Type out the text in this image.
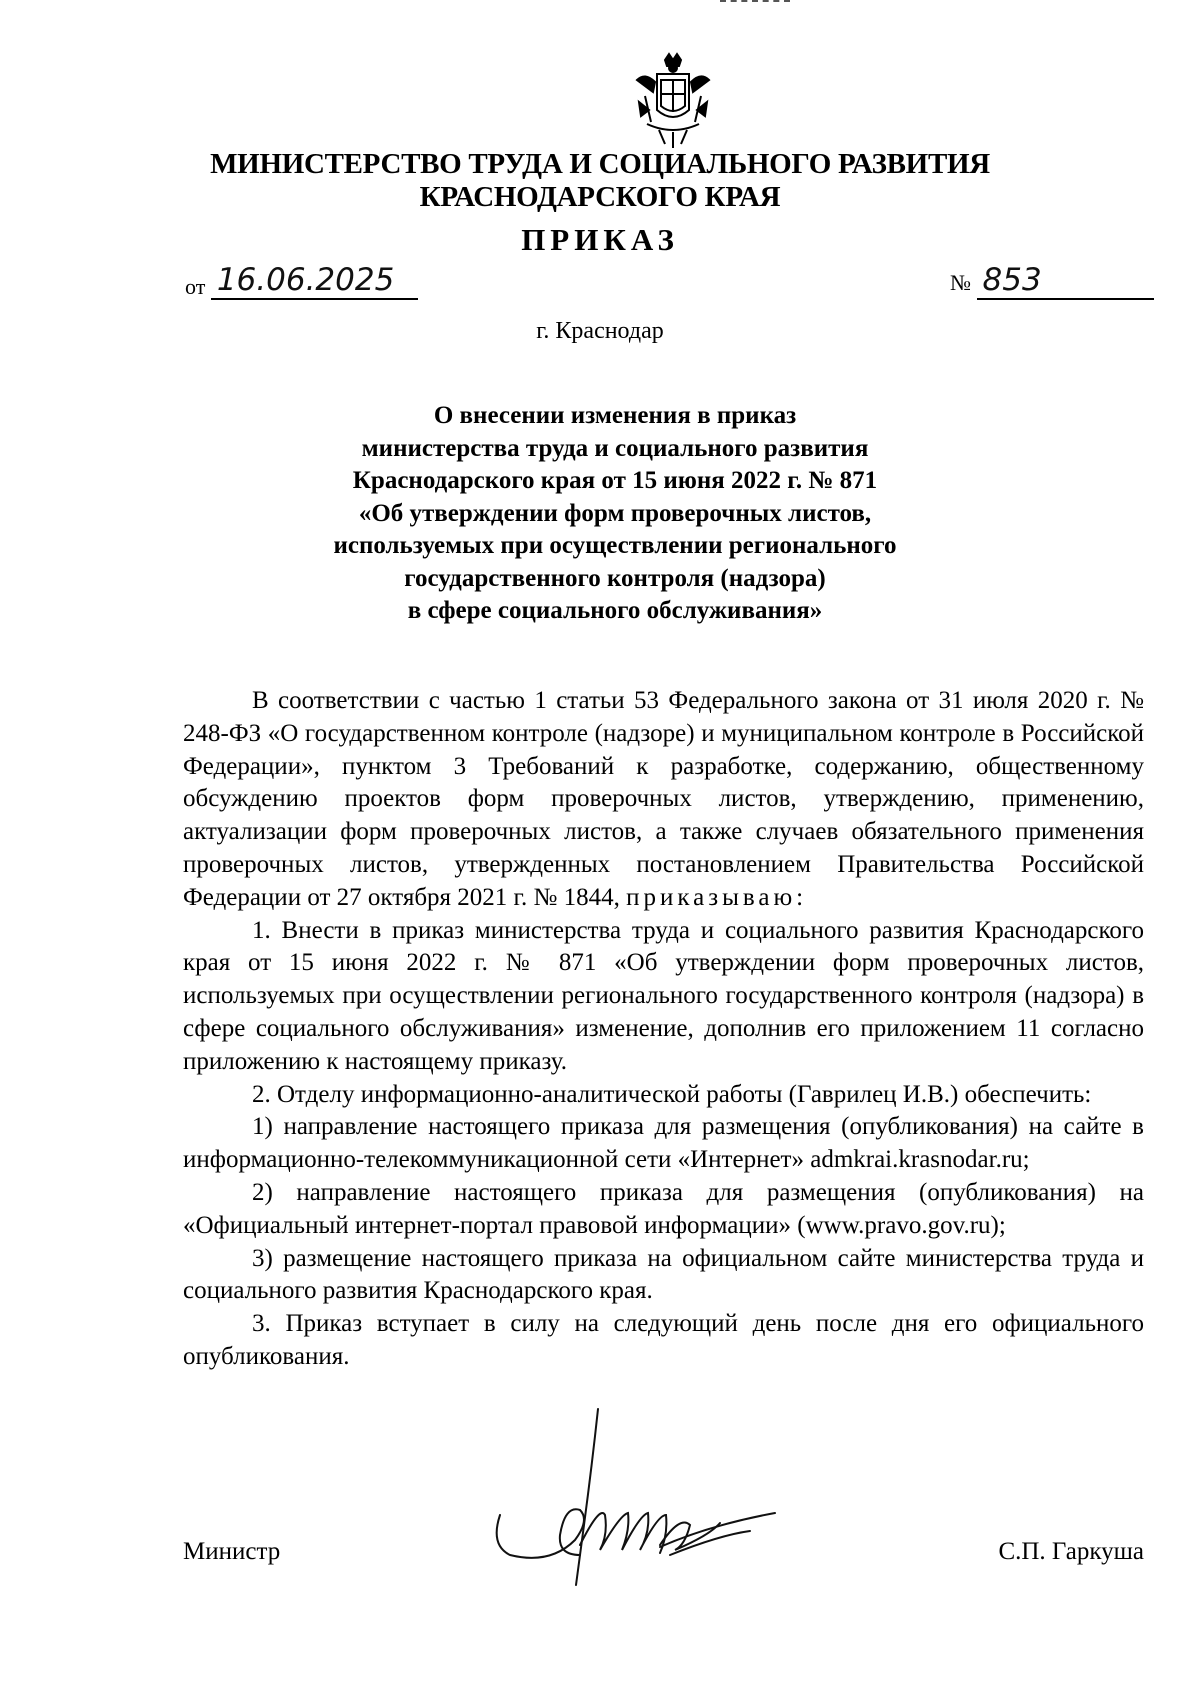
МИНИСТЕРСТВО ТРУДА И СОЦИАЛЬНОГО РАЗВИТИЯ
КРАСНОДАРСКОГО КРАЯ
ПРИКАЗ
от 16.06.2025	№ 853
г. Краснодар
О внесении изменения в приказ
министерства труда и социального развития
Краснодарского края от 15 июня 2022 г. № 871
«Об утверждении форм проверочных листов,
используемых при осуществлении регионального
государственного контроля (надзора)
в сфере социального обслуживания»

В соответствии с частью 1 статьи 53 Федерального закона от 31 июля 2020 г. № 248-ФЗ «О государственном контроле (надзоре) и муниципальном контроле в Российской Федерации», пунктом 3 Требований к разработке, содержанию, общественному обсуждению проектов форм проверочных листов, утверждению, применению, актуализации форм проверочных листов, а также случаев обязательного применения проверочных листов, утвержденных постановлением Правительства Российской Федерации от 27 октября 2021 г. № 1844, приказываю:

1. Внести в приказ министерства труда и социального развития Краснодарского края от 15 июня 2022 г. № 871 «Об утверждении форм проверочных листов, используемых при осуществлении регионального государственного контроля (надзора) в сфере социального обслуживания» изменение, дополнив его приложением 11 согласно приложению к настоящему приказу.

2. Отделу информационно-аналитической работы (Гаврилец И.В.) обеспечить:

1) направление настоящего приказа для размещения (опубликования) на сайте в информационно-телекоммуникационной сети «Интернет» admkrai.krasnodar.ru;

2) направление настоящего приказа для размещения (опубликования) на «Официальный интернет-портал правовой информации» (www.pravo.gov.ru);

3) размещение настоящего приказа на официальном сайте министерства труда и социального развития Краснодарского края.

3. Приказ вступает в силу на следующий день после дня его официального опубликования.

Министр	С.П. Гаркуша
